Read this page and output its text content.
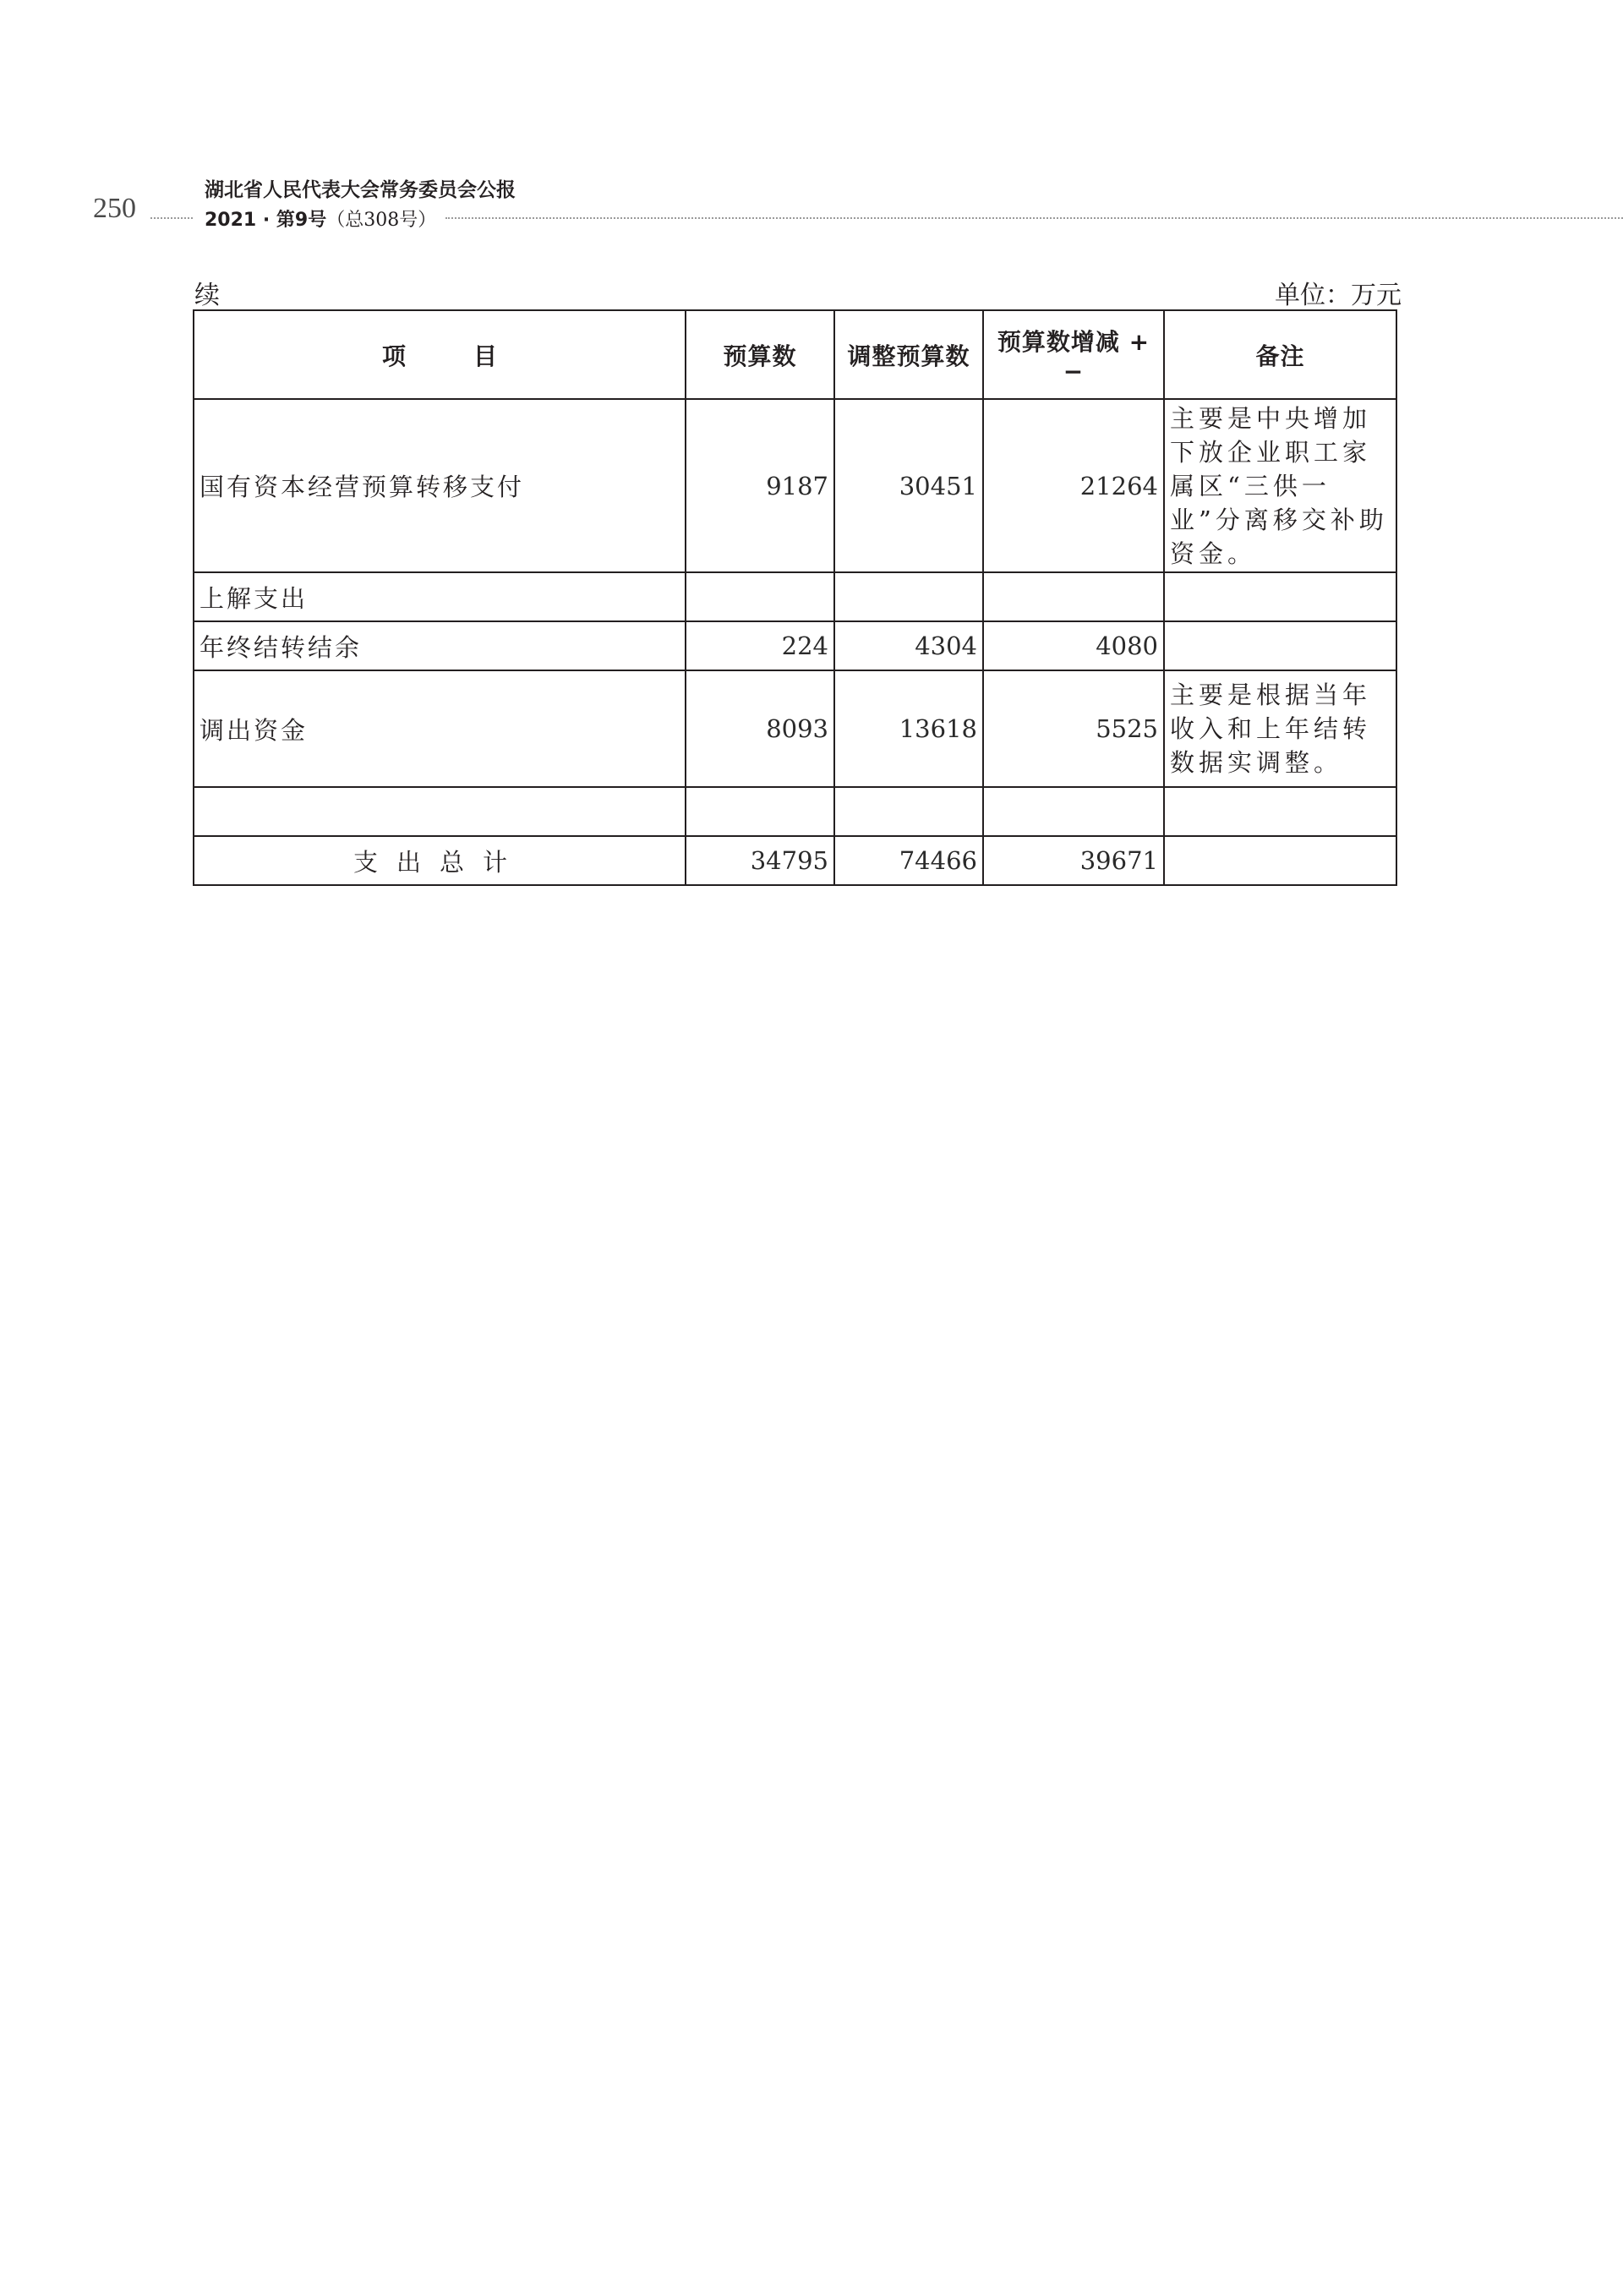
250
湖北省人民代表大会常务委员会公报
2021 · 第9号（总308号）
续	单位：万元
项 目	预算数	调整预算数	预算数增减 +−	备注
国有资本经营预算转移支付	9187	30451	21264	主要是中央增加下放企业职工家属区“三供一业”分离移交补助资金。
上解支出				
年终结转结余	224	4304	4080	
调出资金	8093	13618	5525	主要是根据当年收入和上年结转数据实调整。

支出总计	34795	74466	39671	
